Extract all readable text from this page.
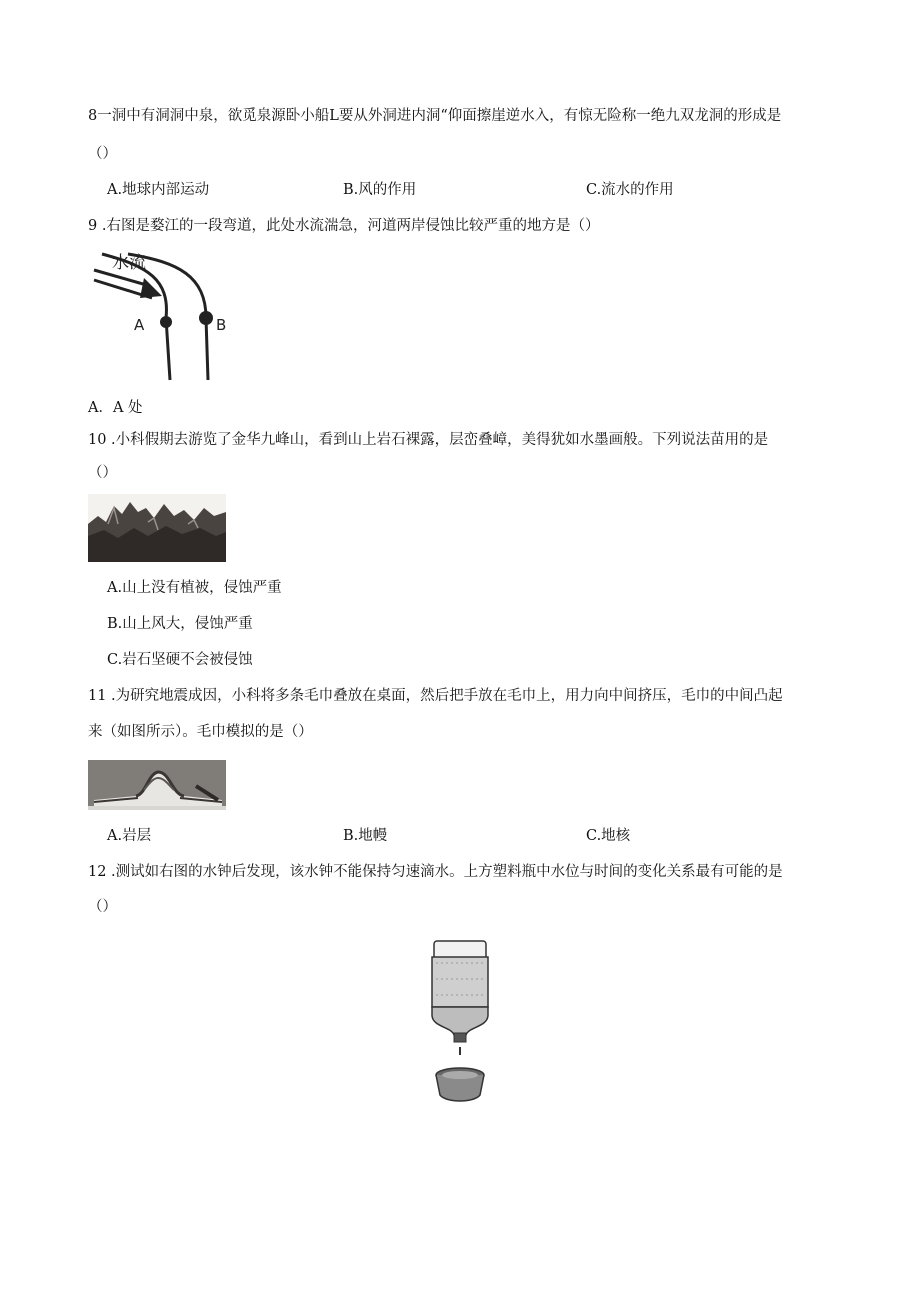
8一洞中有洞洞中泉，欲觅泉源卧小船L要从外洞进内洞“仰面擦崖逆水入，有惊无险称一绝九双龙洞的形成是
（）
A.地球内部运动	B.风的作用	C.流水的作用
9 .右图是婺江的一段弯道，此处水流湍急，河道两岸侵蚀比较严重的地方是（）
水流
A	B
A．A 处
10 .小科假期去游览了金华九峰山，看到山上岩石裸露，层峦叠嶂，美得犹如水墨画般。下列说法苗用的是
（）
A.山上没有植被，侵蚀严重
B.山上风大，侵蚀严重
C.岩石坚硬不会被侵蚀
11 .为研究地震成因，小科将多条毛巾叠放在桌面，然后把手放在毛巾上，用力向中间挤压，毛巾的中间凸起
来（如图所示）。毛巾模拟的是（）
A.岩层	B.地幔	C.地核
12 .测试如右图的水钟后发现，该水钟不能保持匀速滴水。上方塑料瓶中水位与时间的变化关系最有可能的是
（）
